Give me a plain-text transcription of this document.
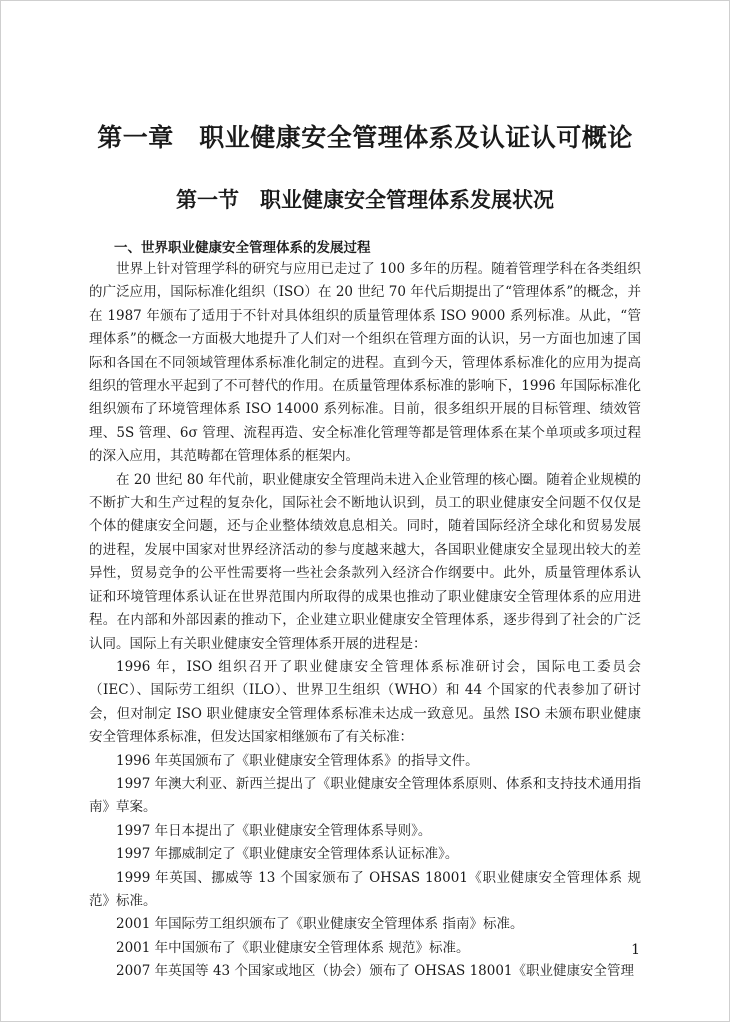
第一章　职业健康安全管理体系及认证认可概论
第一节　职业健康安全管理体系发展状况
一、世界职业健康安全管理体系的发展过程

世界上针对管理学科的研究与应用已走过了 100 多年的历程。随着管理学科在各类组织的广泛应用，国际标准化组织（ISO）在 20 世纪 70 年代后期提出了“管理体系”的概念，并在 1987 年颁布了适用于不针对具体组织的质量管理体系 ISO 9000 系列标准。从此，“管理体系”的概念一方面极大地提升了人们对一个组织在管理方面的认识，另一方面也加速了国际和各国在不同领域管理体系标准化制定的进程。直到今天，管理体系标准化的应用为提高组织的管理水平起到了不可替代的作用。在质量管理体系标准的影响下，1996 年国际标准化组织颁布了环境管理体系 ISO 14000 系列标准。目前，很多组织开展的目标管理、绩效管理、5S 管理、6σ 管理、流程再造、安全标准化管理等都是管理体系在某个单项或多项过程的深入应用，其范畴都在管理体系的框架内。

在 20 世纪 80 年代前，职业健康安全管理尚未进入企业管理的核心圈。随着企业规模的不断扩大和生产过程的复杂化，国际社会不断地认识到，员工的职业健康安全问题不仅仅是个体的健康安全问题，还与企业整体绩效息息相关。同时，随着国际经济全球化和贸易发展的进程，发展中国家对世界经济活动的参与度越来越大，各国职业健康安全显现出较大的差异性，贸易竞争的公平性需要将一些社会条款列入经济合作纲要中。此外，质量管理体系认证和环境管理体系认证在世界范围内所取得的成果也推动了职业健康安全管理体系的应用进程。在内部和外部因素的推动下，企业建立职业健康安全管理体系，逐步得到了社会的广泛认同。国际上有关职业健康安全管理体系开展的进程是：

1996 年，ISO 组织召开了职业健康安全管理体系标准研讨会，国际电工委员会（IEC）、国际劳工组织（ILO）、世界卫生组织（WHO）和 44 个国家的代表参加了研讨会，但对制定 ISO 职业健康安全管理体系标准未达成一致意见。虽然 ISO 未颁布职业健康安全管理体系标准，但发达国家相继颁布了有关标准：

1996 年英国颁布了《职业健康安全管理体系》的指导文件。

1997 年澳大利亚、新西兰提出了《职业健康安全管理体系原则、体系和支持技术通用指南》草案。

1997 年日本提出了《职业健康安全管理体系导则》。

1997 年挪威制定了《职业健康安全管理体系认证标准》。

1999 年英国、挪威等 13 个国家颁布了 OHSAS 18001《职业健康安全管理体系 规范》标准。

2001 年国际劳工组织颁布了《职业健康安全管理体系 指南》标准。

2001 年中国颁布了《职业健康安全管理体系 规范》标准。

2007 年英国等 43 个国家或地区（协会）颁布了 OHSAS 18001《职业健康安全管理

1
